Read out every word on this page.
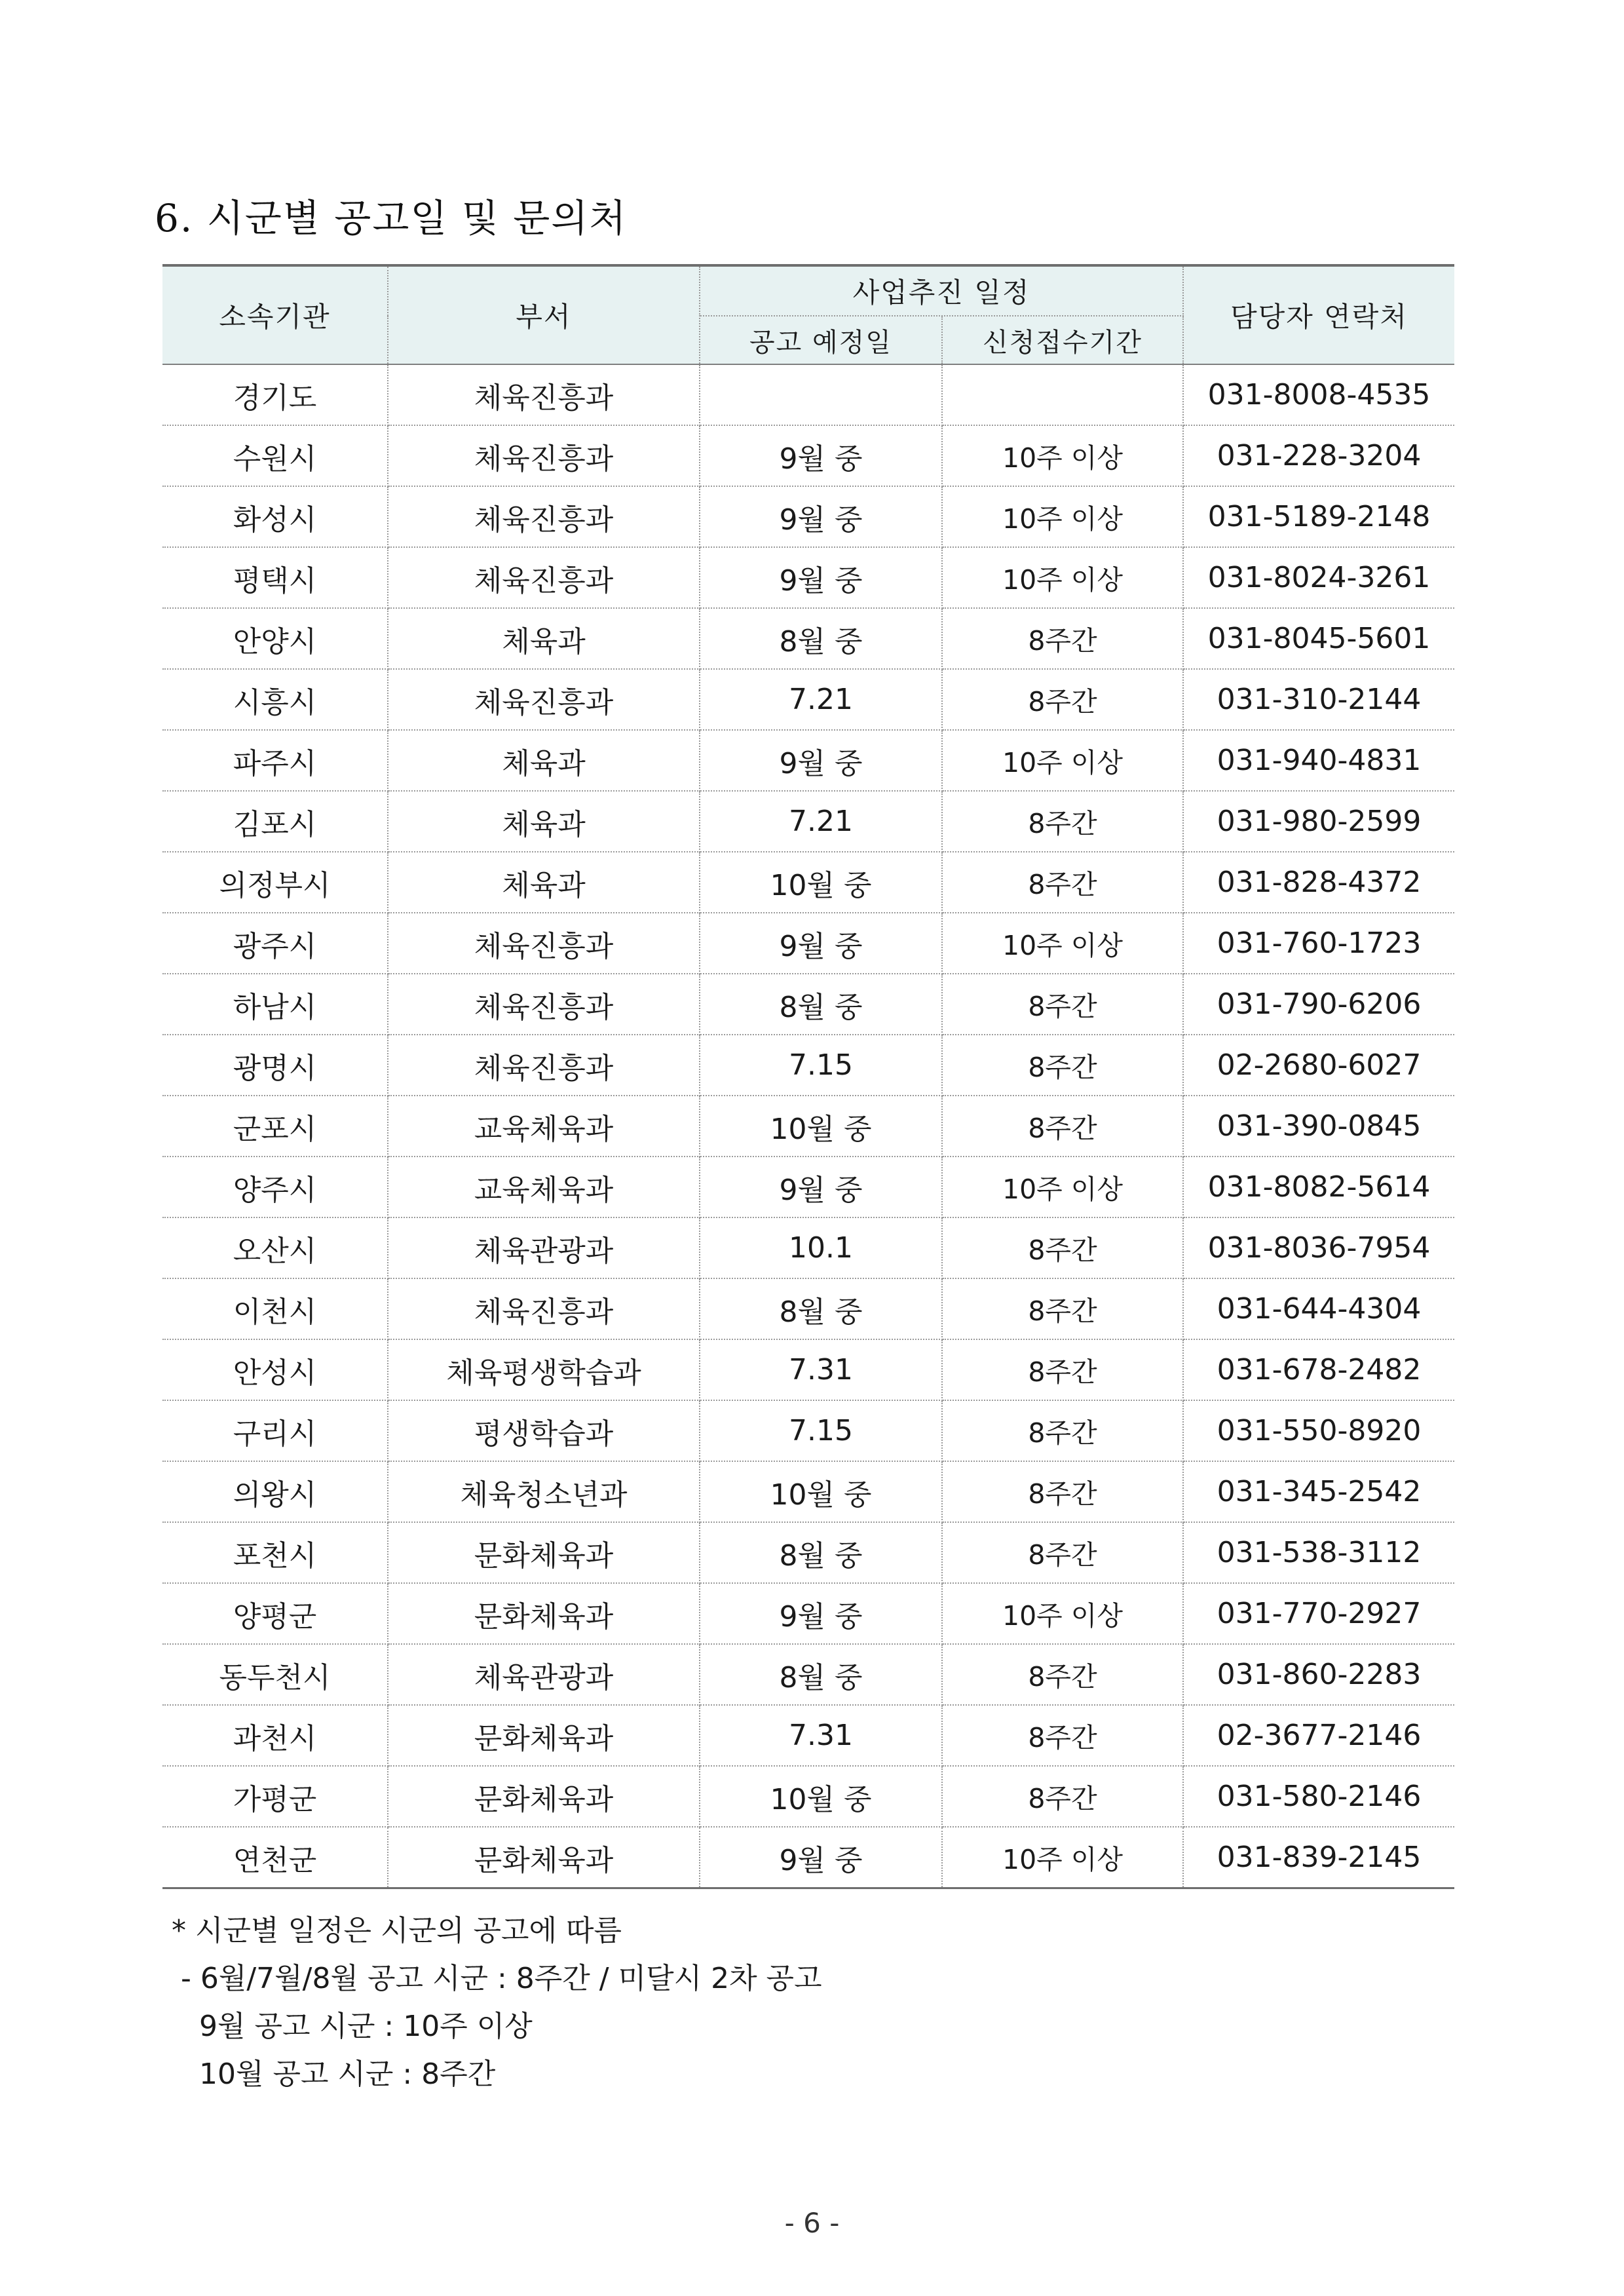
6. 시군별 공고일 및 문의처
소속기관	부서	사업추진 일정		담당자 연락처
		공고 예정일	신청접수기간	
경기도	체육진흥과			031-8008-4535
수원시	체육진흥과	9월 중	10주 이상	031-228-3204
화성시	체육진흥과	9월 중	10주 이상	031-5189-2148
평택시	체육진흥과	9월 중	10주 이상	031-8024-3261
안양시	체육과	8월 중	8주간	031-8045-5601
시흥시	체육진흥과	7.21	8주간	031-310-2144
파주시	체육과	9월 중	10주 이상	031-940-4831
김포시	체육과	7.21	8주간	031-980-2599
의정부시	체육과	10월 중	8주간	031-828-4372
광주시	체육진흥과	9월 중	10주 이상	031-760-1723
하남시	체육진흥과	8월 중	8주간	031-790-6206
광명시	체육진흥과	7.15	8주간	02-2680-6027
군포시	교육체육과	10월 중	8주간	031-390-0845
양주시	교육체육과	9월 중	10주 이상	031-8082-5614
오산시	체육관광과	10.1	8주간	031-8036-7954
이천시	체육진흥과	8월 중	8주간	031-644-4304
안성시	체육평생학습과	7.31	8주간	031-678-2482
구리시	평생학습과	7.15	8주간	031-550-8920
의왕시	체육청소년과	10월 중	8주간	031-345-2542
포천시	문화체육과	8월 중	8주간	031-538-3112
양평군	문화체육과	9월 중	10주 이상	031-770-2927
동두천시	체육관광과	8월 중	8주간	031-860-2283
과천시	문화체육과	7.31	8주간	02-3677-2146
가평군	문화체육과	10월 중	8주간	031-580-2146
연천군	문화체육과	9월 중	10주 이상	031-839-2145
* 시군별 일정은 시군의 공고에 따름
- 6월/7월/8월 공고 시군 : 8주간 / 미달시 2차 공고
9월 공고 시군 : 10주 이상
10월 공고 시군 : 8주간
- 6 -
